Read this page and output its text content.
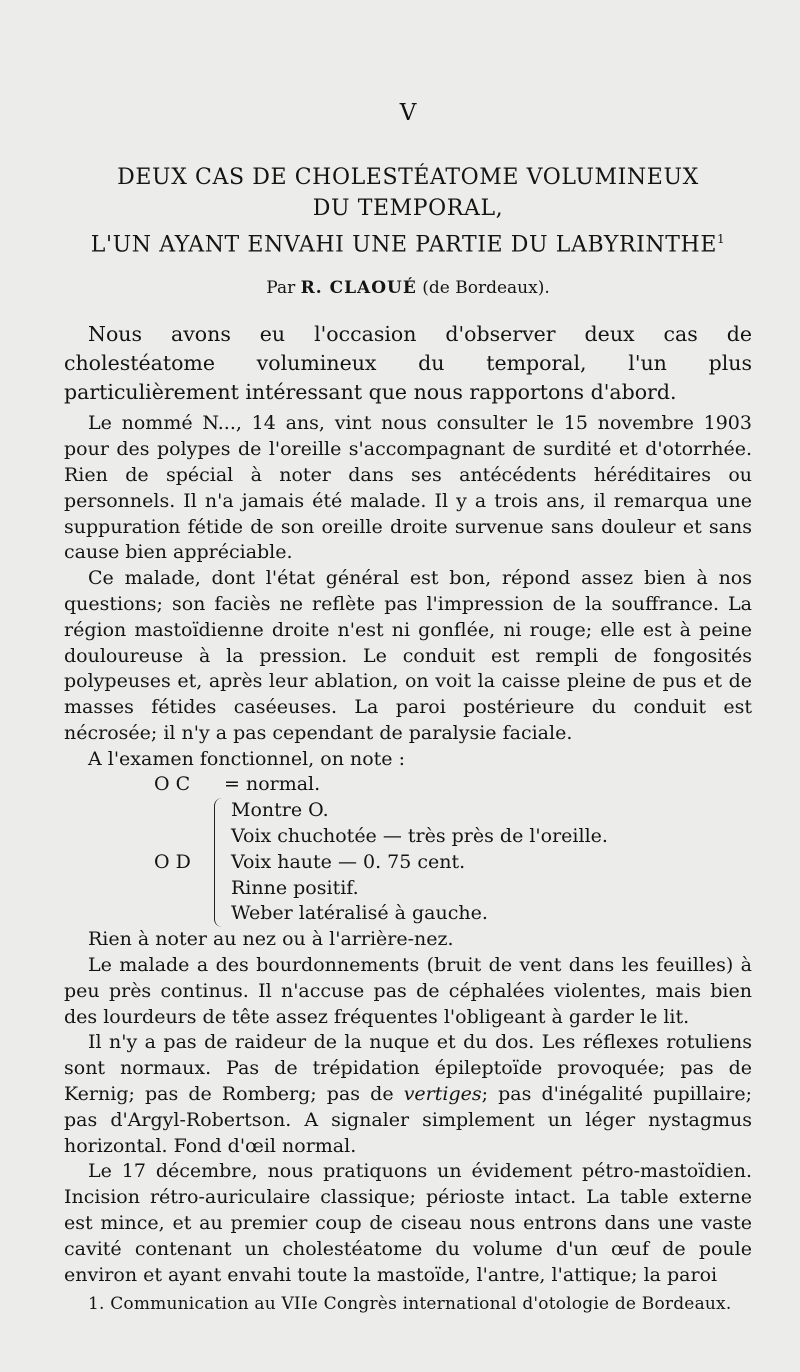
V
DEUX CAS DE CHOLESTÉATOME VOLUMINEUX
DU TEMPORAL,
L'UN AYANT ENVAHI UNE PARTIE DU LABYRINTHE$^1$
Par R. CLAOUÉ (de Bordeaux).

Nous avons eu l'occasion d'observer deux cas de cholestéatome volumineux du temporal, l'un plus particulièrement intéressant que nous rapportons d'abord.

Le nommé N..., 14 ans, vint nous consulter le 15 novembre 1903 pour des polypes de l'oreille s'accompagnant de surdité et d'otorrhée. Rien de spécial à noter dans ses antécédents héréditaires ou personnels. Il n'a jamais été malade. Il y a trois ans, il remarqua une suppuration fétide de son oreille droite survenue sans douleur et sans cause bien appréciable.

Ce malade, dont l'état général est bon, répond assez bien à nos questions; son faciès ne reflète pas l'impression de la souffrance. La région mastoïdienne droite n'est ni gonflée, ni rouge; elle est à peine douloureuse à la pression. Le conduit est rempli de fongosités polypeuses et, après leur ablation, on voit la caisse pleine de pus et de masses fétides caséeuses. La paroi postérieure du conduit est nécrosée; il n'y a pas cependant de paralysie faciale.

A l'examen fonctionnel, on note :

O C	= normal.
O D
Montre O.
Voix chuchotée — très près de l'oreille.
Voix haute — 0. 75 cent.
Rinne positif.
Weber latéralisé à gauche.

Rien à noter au nez ou à l'arrière-nez.

Le malade a des bourdonnements (bruit de vent dans les feuilles) à peu près continus. Il n'accuse pas de céphalées violentes, mais bien des lourdeurs de tête assez fréquentes l'obligeant à garder le lit.

Il n'y a pas de raideur de la nuque et du dos. Les réflexes rotuliens sont normaux. Pas de trépidation épileptoïde provoquée; pas de Kernig; pas de Romberg; pas de vertiges; pas d'inégalité pupillaire; pas d'Argyl-Robertson. A signaler simplement un léger nystagmus horizontal. Fond d'œil normal.

Le 17 décembre, nous pratiquons un évidement pétro-mastoïdien. Incision rétro-auriculaire classique; périoste intact. La table externe est mince, et au premier coup de ciseau nous entrons dans une vaste cavité contenant un cholestéatome du volume d'un œuf de poule environ et ayant envahi toute la mastoïde, l'antre, l'attique; la paroi

1. Communication au VIIe Congrès international d'otologie de Bordeaux.
